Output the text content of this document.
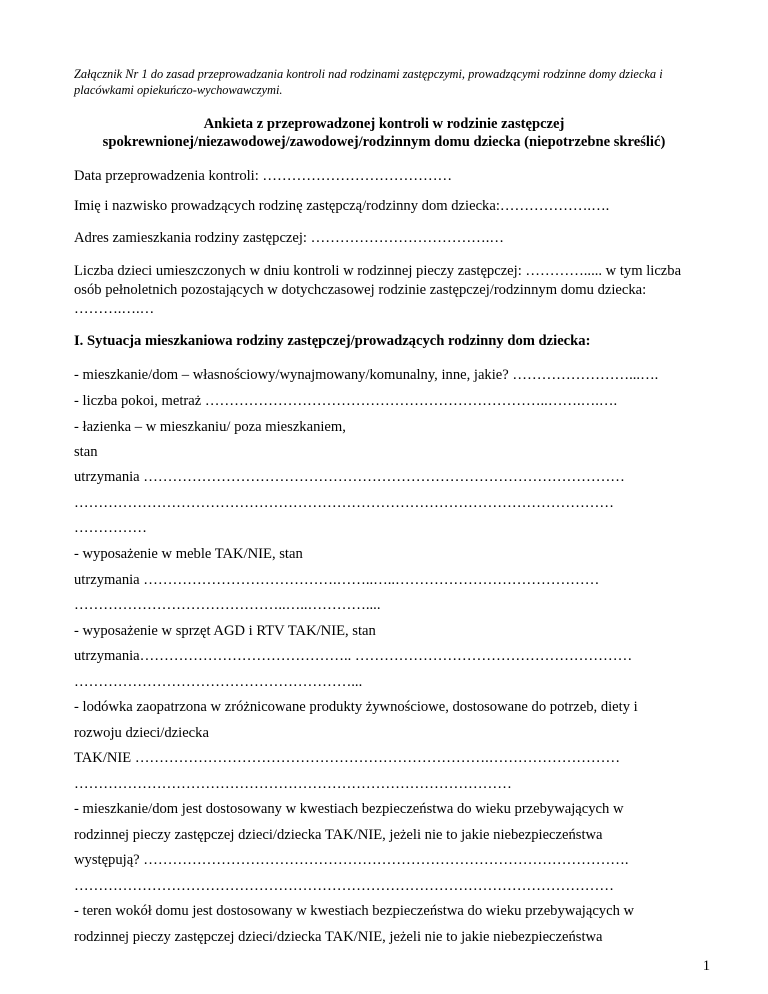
Załącznik Nr 1 do zasad przeprowadzania kontroli nad rodzinami zastępczymi, prowadzącymi rodzinne domy dziecka i placówkami opiekuńczo-wychowawczymi.
Ankieta z przeprowadzonej kontroli w rodzinie zastępczej
spokrewnionej/niezawodowej/zawodowej/rodzinnym domu dziecka (niepotrzebne skreślić)
Data przeprowadzenia kontroli: …………………………………
Imię i nazwisko prowadzących rodzinę zastępczą/rodzinny dom dziecka:……………….….
Adres zamieszkania rodziny zastępczej: ……………………………….…
Liczba dzieci umieszczonych w dniu kontroli w rodzinnej pieczy zastępczej: …………..... w tym liczba osób pełnoletnich pozostających w dotychczasowej rodzinie zastępczej/rodzinnym domu dziecka: ……….….…
I. Sytuacja mieszkaniowa rodziny zastępczej/prowadzących rodzinny dom dziecka:
- mieszkanie/dom – własnościowy/wynajmowany/komunalny, inne, jakie? ……………………...….
- liczba pokoi, metraż ……………………………………………………………..…….….….
- łazienka – w mieszkaniu/ poza mieszkaniem,
stan
utrzymania ………………………………………………………………………………………
…………………………………………………………………………………………………
……………
- wyposażenie w meble TAK/NIE, stan
utrzymania ………………………………….……..…..……………………………………
……………………………………..…..…………....
- wyposażenie w sprzęt AGD i RTV TAK/NIE, stan
utrzymania…………………………………….. …………………………………………………
…………………………………………………...
- lodówka zaopatrzona w zróżnicowane produkty żywnościowe, dostosowane do potrzeb, diety i
rozwoju dzieci/dziecka
TAK/NIE ……………………………………………………………….………………………
………………………………………………………………………………
- mieszkanie/dom jest dostosowany w kwestiach bezpieczeństwa do wieku przebywających w
rodzinnej pieczy zastępczej dzieci/dziecka TAK/NIE, jeżeli nie to jakie niebezpieczeństwa
występują? ……………………………………………………………………………………….
…………………………………………………………………………………………………
- teren wokół domu jest dostosowany w kwestiach bezpieczeństwa do wieku przebywających w
rodzinnej pieczy zastępczej dzieci/dziecka TAK/NIE, jeżeli nie to jakie niebezpieczeństwa
1
